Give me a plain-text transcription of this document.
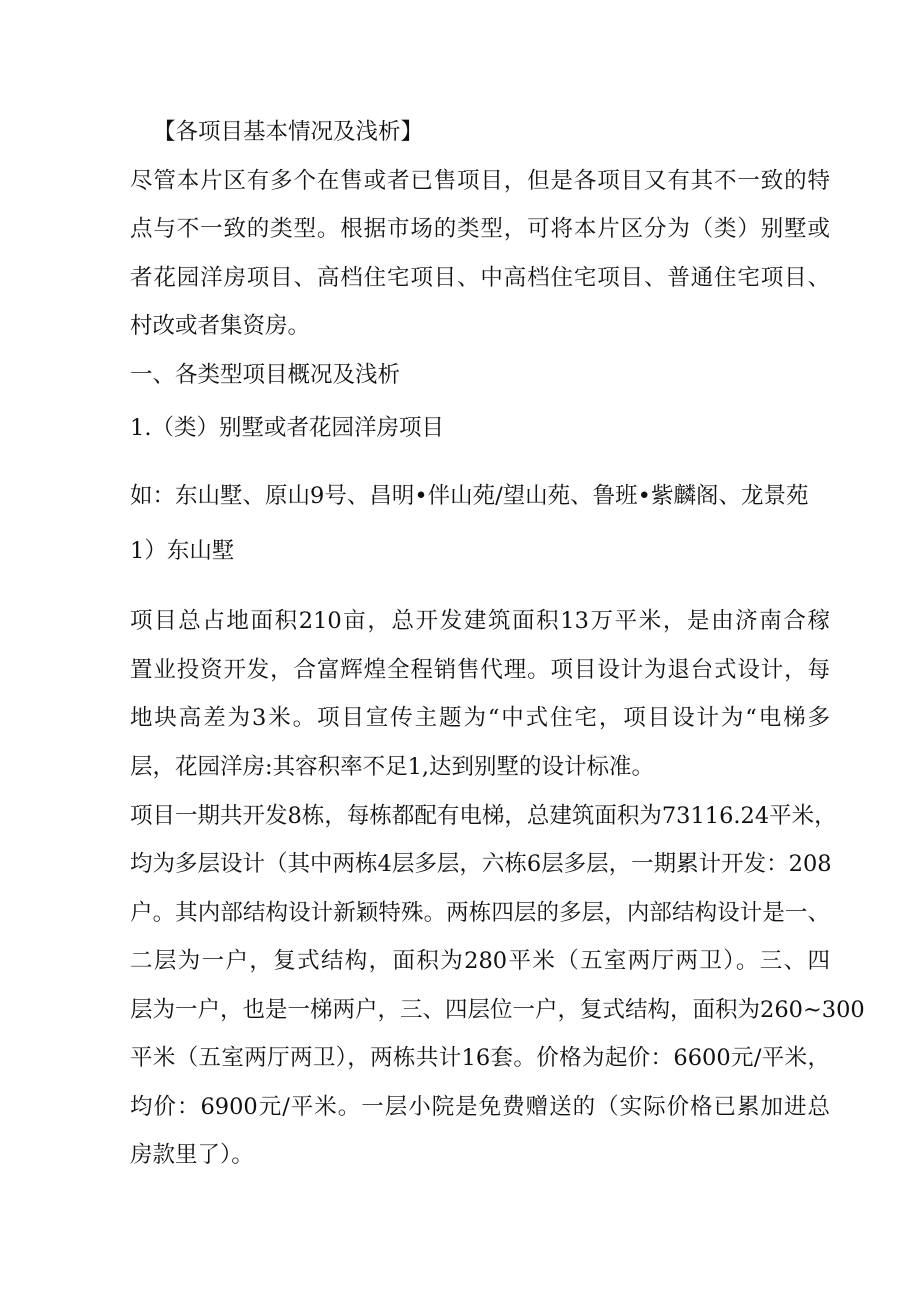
【各项目基本情况及浅析】
尽管本片区有多个在售或者已售项目，但是各项目又有其不一致的特
点与不一致的类型。根据市场的类型，可将本片区分为（类）别墅或
者花园洋房项目、高档住宅项目、中高档住宅项目、普通住宅项目、
村改或者集资房。
一、各类型项目概况及浅析
1.（类）别墅或者花园洋房项目
如：东山墅、原山9号、昌明•伴山苑/望山苑、鲁班•紫麟阁、龙景苑
1）东山墅
项目总占地面积210亩，总开发建筑面积13万平米，是由济南合稼
置业投资开发，合富辉煌全程销售代理。项目设计为退台式设计，每
地块高差为3米。项目宣传主题为“中式住宅，项目设计为“电梯多
层，花园洋房:其容积率不足1,达到别墅的设计标准。
项目一期共开发8栋，每栋都配有电梯，总建筑面积为73116.24平米，
均为多层设计（其中两栋4层多层，六栋6层多层，一期累计开发：208
户。其内部结构设计新颖特殊。两栋四层的多层，内部结构设计是一、
二层为一户，复式结构，面积为280平米（五室两厅两卫）。三、四
层为一户，也是一梯两户，三、四层位一户，复式结构，面积为260~300
平米（五室两厅两卫），两栋共计16套。价格为起价：6600元/平米，
均价：6900元/平米。一层小院是免费赠送的（实际价格已累加进总
房款里了）。
